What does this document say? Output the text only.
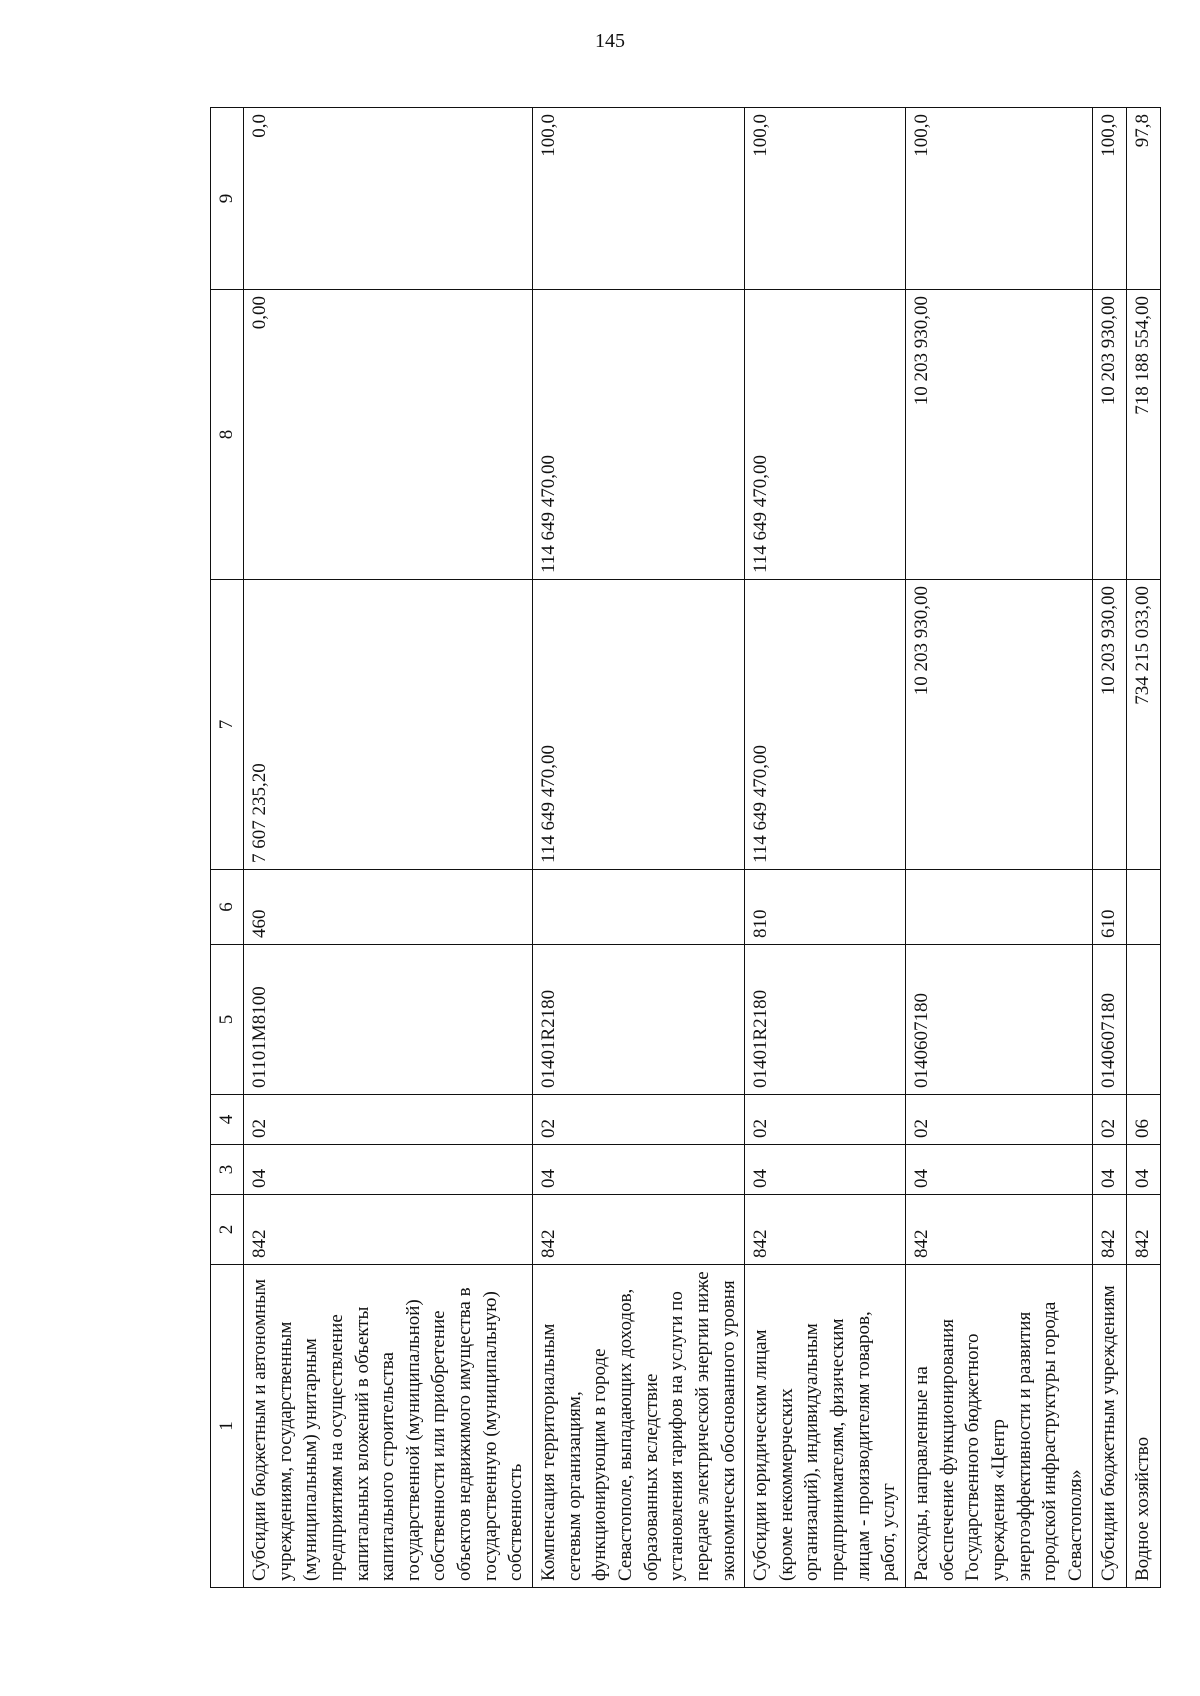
145
1	2	3	4	5	6	7	8	9
Субсидии бюджетным и автономным учреждениям, государственным (муниципальным) унитарным предприятиям на осуществление капитальных вложений в объекты капитального строительства государственной (муниципальной) собственности или приобретение объектов недвижимого имущества в государственную (муниципальную) собственность	842	04	02	01101M8100	460	7 607 235,20	0,00	0,0
Компенсация территориальным сетевым организациям, функционирующим в городе Севастополе, выпадающих доходов, образованных вследствие установления тарифов на услуги по передаче электрической энергии ниже экономически обоснованного уровня	842	04	02	01401R2180		114 649 470,00	114 649 470,00	100,0
Субсидии юридическим лицам (кроме некоммерческих организаций), индивидуальным предпринимателям, физическим лицам - производителям товаров, работ, услуг	842	04	02	01401R2180	810	114 649 470,00	114 649 470,00	100,0
Расходы, направленные на обеспечение функционирования Государственного бюджетного учреждения «Центр энергоэффективности и развития городской инфраструктуры города Севастополя»	842	04	02	0140607180		10 203 930,00	10 203 930,00	100,0
Субсидии бюджетным учреждениям	842	04	02	0140607180	610	10 203 930,00	10 203 930,00	100,0
Водное хозяйство	842	04	06			734 215 033,00	718 188 554,00	97,8
